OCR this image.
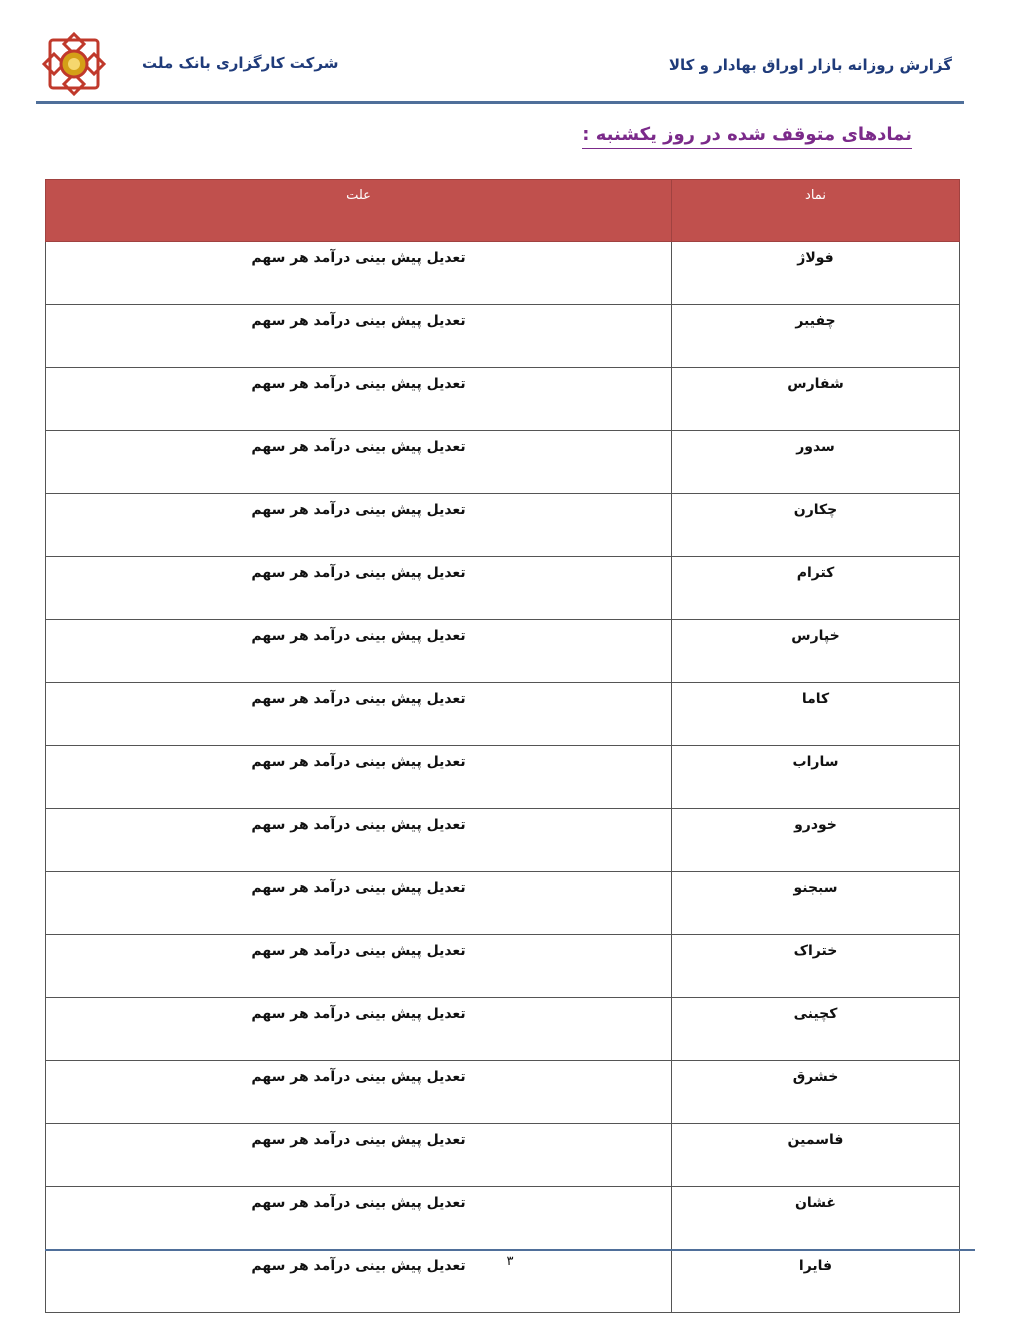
گزارش روزانه بازار اوراق بهادار و کالا
شرکت کارگزاری بانک ملت
نمادهای متوقف شده در روز یکشنبه :
نماد	علت
فولاژ	تعدیل پیش بینی درآمد هر سهم
چفیبر	تعدیل پیش بینی درآمد هر سهم
شفارس	تعدیل پیش بینی درآمد هر سهم
سدور	تعدیل پیش بینی درآمد هر سهم
چکارن	تعدیل پیش بینی درآمد هر سهم
کترام	تعدیل پیش بینی درآمد هر سهم
خپارس	تعدیل پیش بینی درآمد هر سهم
کاما	تعدیل پیش بینی درآمد هر سهم
ساراب	تعدیل پیش بینی درآمد هر سهم
خودرو	تعدیل پیش بینی درآمد هر سهم
سبجنو	تعدیل پیش بینی درآمد هر سهم
ختراک	تعدیل پیش بینی درآمد هر سهم
کچینی	تعدیل پیش بینی درآمد هر سهم
خشرق	تعدیل پیش بینی درآمد هر سهم
فاسمین	تعدیل پیش بینی درآمد هر سهم
غشان	تعدیل پیش بینی درآمد هر سهم
فایرا	تعدیل پیش بینی درآمد هر سهم	۳
